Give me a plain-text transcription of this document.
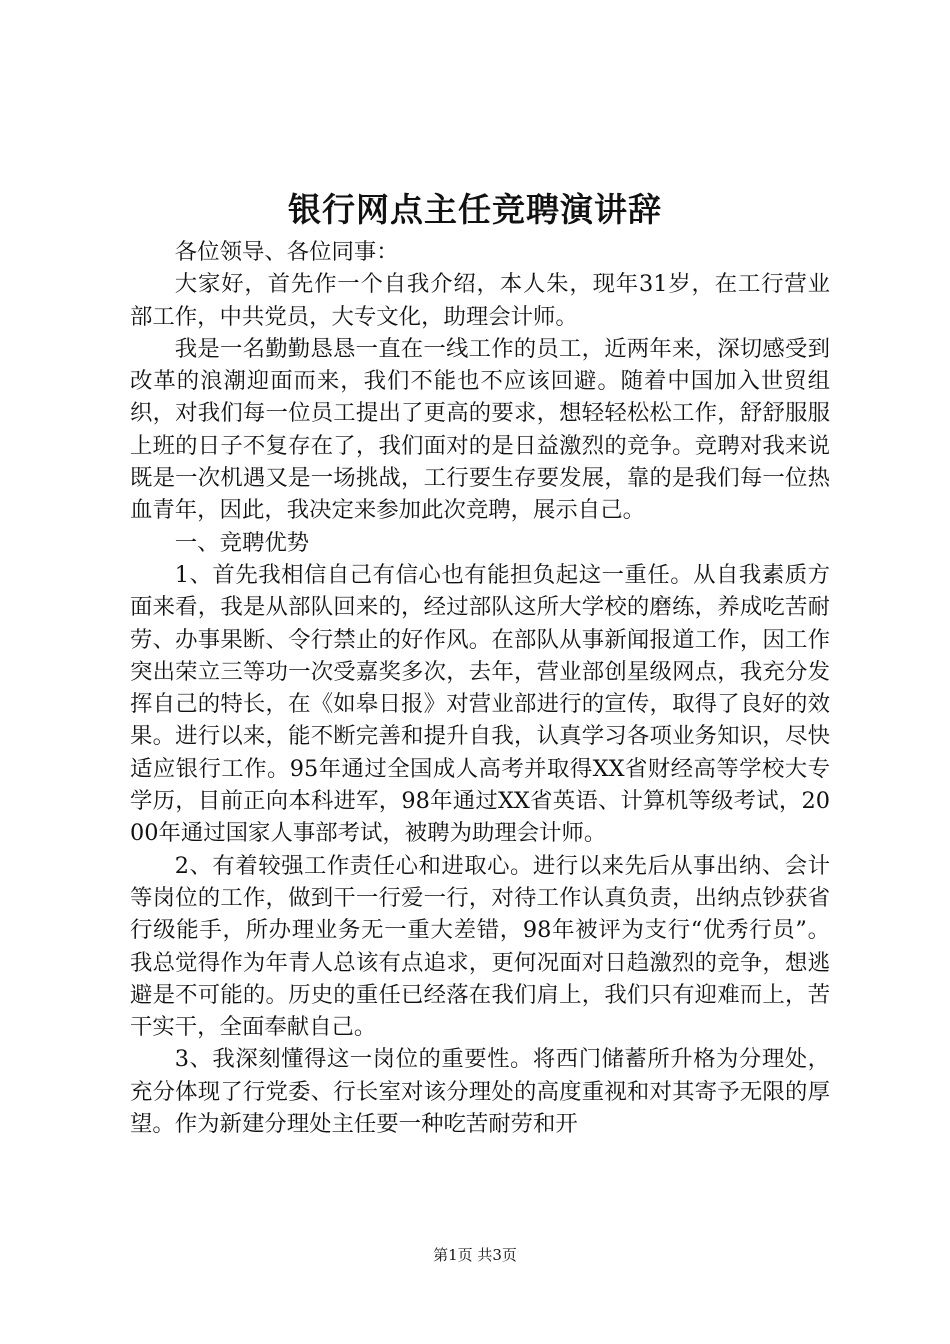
银行网点主任竞聘演讲辞

各位领导、各位同事：

大家好，首先作一个自我介绍，本人朱，现年31岁，在工行营业部工作，中共党员，大专文化，助理会计师。

我是一名勤勤恳恳一直在一线工作的员工，近两年来，深切感受到改革的浪潮迎面而来，我们不能也不应该回避。随着中国加入世贸组织，对我们每一位员工提出了更高的要求，想轻轻松松工作，舒舒服服上班的日子不复存在了，我们面对的是日益激烈的竞争。竞聘对我来说既是一次机遇又是一场挑战，工行要生存要发展，靠的是我们每一位热血青年，因此，我决定来参加此次竞聘，展示自己。

一、竞聘优势

1、首先我相信自己有信心也有能担负起这一重任。从自我素质方面来看，我是从部队回来的，经过部队这所大学校的磨练，养成吃苦耐劳、办事果断、令行禁止的好作风。在部队从事新闻报道工作，因工作突出荣立三等功一次受嘉奖多次，去年，营业部创星级网点，我充分发挥自己的特长，在《如皋日报》对营业部进行的宣传，取得了良好的效果。进行以来，能不断完善和提升自我，认真学习各项业务知识，尽快适应银行工作。95年通过全国成人高考并取得XX省财经高等学校大专学历，目前正向本科进军，98年通过XX省英语、计算机等级考试，2000年通过国家人事部考试，被聘为助理会计师。

2、有着较强工作责任心和进取心。进行以来先后从事出纳、会计等岗位的工作，做到干一行爱一行，对待工作认真负责，出纳点钞获省行级能手，所办理业务无一重大差错，98年被评为支行“优秀行员”。我总觉得作为年青人总该有点追求，更何况面对日趋激烈的竞争，想逃避是不可能的。历史的重任已经落在我们肩上，我们只有迎难而上，苦干实干，全面奉献自己。

3、我深刻懂得这一岗位的重要性。将西门储蓄所升格为分理处，充分体现了行党委、行长室对该分理处的高度重视和对其寄予无限的厚望。作为新建分理处主任要一种吃苦耐劳和开

第1页 共3页
